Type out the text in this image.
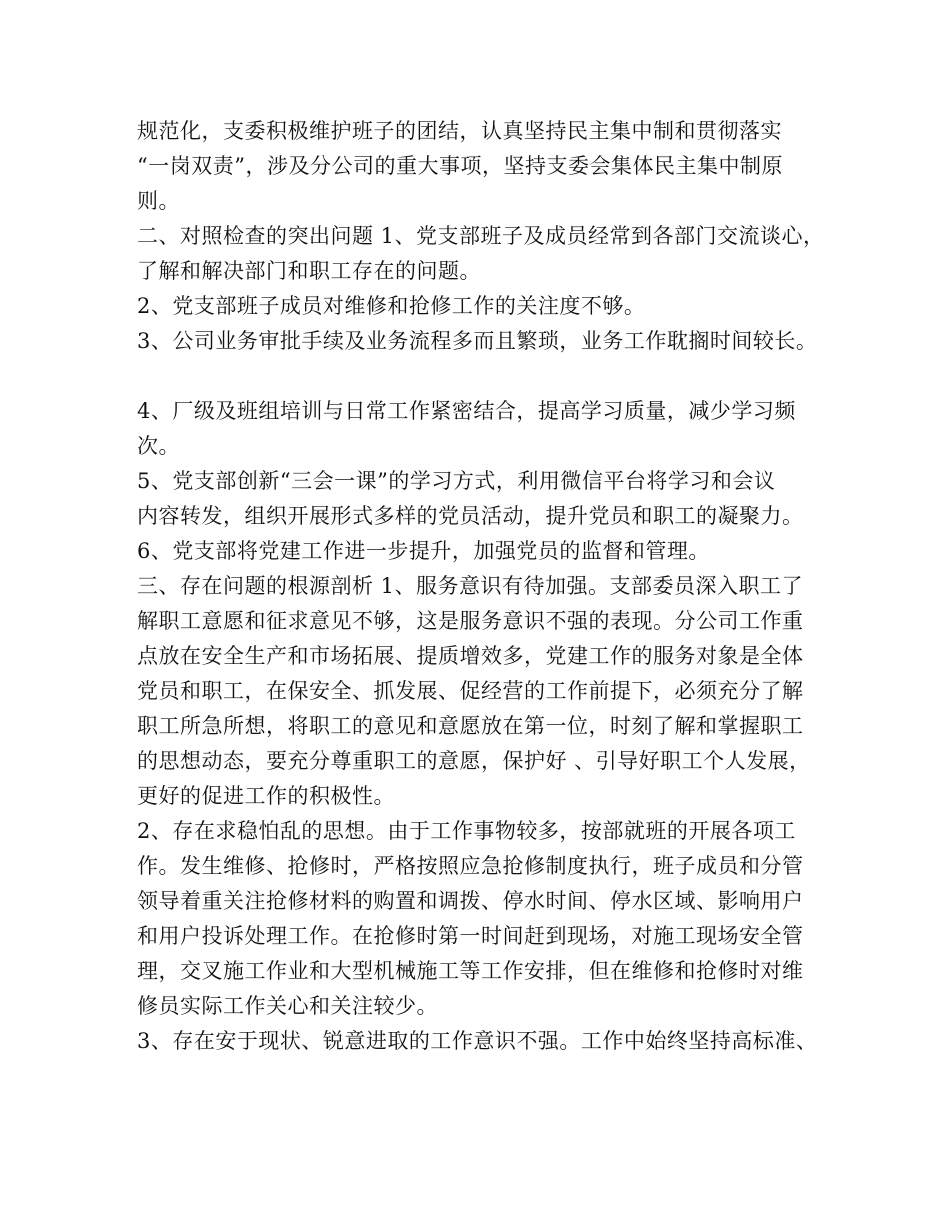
规范化，支委积极维护班子的团结，认真坚持民主集中制和贯彻落实
“一岗双责”，涉及分公司的重大事项，坚持支委会集体民主集中制原
则。
二、对照检查的突出问题 1、党支部班子及成员经常到各部门交流谈心，
了解和解决部门和职工存在的问题。
2、党支部班子成员对维修和抢修工作的关注度不够。
3、公司业务审批手续及业务流程多而且繁琐，业务工作耽搁时间较长。
4、厂级及班组培训与日常工作紧密结合，提高学习质量，减少学习频
次。
5、党支部创新“三会一课”的学习方式，利用微信平台将学习和会议
内容转发，组织开展形式多样的党员活动，提升党员和职工的凝聚力。
6、党支部将党建工作进一步提升，加强党员的监督和管理。
三、存在问题的根源剖析 1、服务意识有待加强。支部委员深入职工了
解职工意愿和征求意见不够，这是服务意识不强的表现。分公司工作重
点放在安全生产和市场拓展、提质增效多，党建工作的服务对象是全体
党员和职工，在保安全、抓发展、促经营的工作前提下，必须充分了解
职工所急所想，将职工的意见和意愿放在第一位，时刻了解和掌握职工
的思想动态，要充分尊重职工的意愿，保护好 、引导好职工个人发展，
更好的促进工作的积极性。
2、存在求稳怕乱的思想。由于工作事物较多，按部就班的开展各项工
作。发生维修、抢修时，严格按照应急抢修制度执行，班子成员和分管
领导着重关注抢修材料的购置和调拨、停水时间、停水区域、影响用户
和用户投诉处理工作。在抢修时第一时间赶到现场，对施工现场安全管
理，交叉施工作业和大型机械施工等工作安排，但在维修和抢修时对维
修员实际工作关心和关注较少。
3、存在安于现状、锐意进取的工作意识不强。工作中始终坚持高标准、
